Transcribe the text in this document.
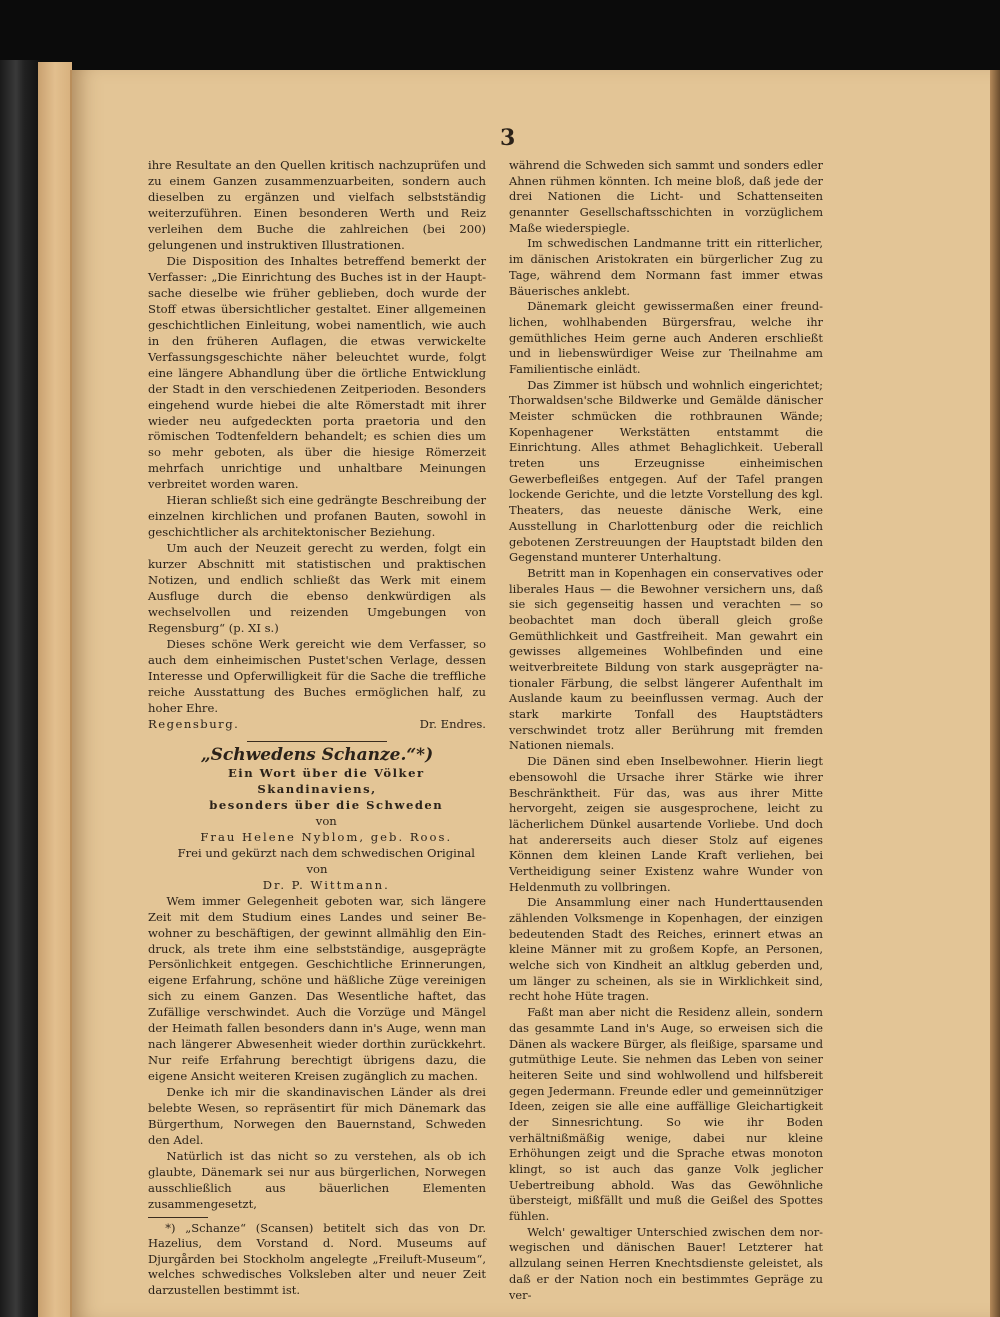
3

ihre Resultate an den Quellen kritisch nachzuprüfen und zu einem Ganzen zusammenzuarbeiten, sondern auch dieselben zu ergänzen und vielfach selbstständig weiterzuführen. Einen besonderen Werth und Reiz verleihen dem Buche die zahlreichen (bei 200) gelungenen und instruktiven Illustrationen.

Die Disposition des Inhaltes betreffend bemerkt der Verfasser: „Die Einrichtung des Buches ist in der Hauptsache dieselbe wie früher geblieben, doch wurde der Stoff etwas übersichtlicher gestaltet. Einer allgemeinen geschichtlichen Einleitung, wobei namentlich, wie auch in den früheren Auflagen, die etwas verwickelte Verfassungsgeschichte näher beleuchtet wurde, folgt eine längere Abhandlung über die örtliche Entwicklung der Stadt in den verschiedenen Zeitperioden. Besonders eingehend wurde hiebei die alte Römerstadt mit ihrer wieder neu aufgedeckten porta praetoria und den römischen Todtenfeldern behandelt; es schien dies um so mehr geboten, als über die hiesige Römerzeit mehrfach unrichtige und unhaltbare Meinungen verbreitet worden waren.

Hieran schließt sich eine gedrängte Beschreibung der einzelnen kirchlichen und profanen Bauten, sowohl in geschichtlicher als architektonischer Beziehung.

Um auch der Neuzeit gerecht zu werden, folgt ein kurzer Abschnitt mit statistischen und praktischen Notizen, und endlich schließt das Werk mit einem Ausfluge durch die ebenso denkwürdigen als wechselvollen und reizenden Umgebungen von Regensburg“ (p. XI s.)

Dieses schöne Werk gereicht wie dem Verfasser, so auch dem einheimischen Pustet'schen Verlage, dessen Interesse und Opferwilligkeit für die Sache die treffliche reiche Ausstattung des Buches ermöglichen half, zu hoher Ehre.

Regensburg.	Dr. Endres.
„Schwedens Schanze.“*)

Ein Wort über die Völker Skandinaviens,

besonders über die Schweden

von

Frau Helene Nyblom, geb. Roos.

Frei und gekürzt nach dem schwedischen Original von

Dr. P. Wittmann.

Wem immer Gelegenheit geboten war, sich längere Zeit mit dem Studium eines Landes und seiner Bewohner zu beschäftigen, der gewinnt allmählig den Eindruck, als trete ihm eine selbstständige, ausgeprägte Persönlichkeit entgegen. Geschichtliche Erinnerungen, eigene Erfahrung, schöne und häßliche Züge vereinigen sich zu einem Ganzen. Das Wesentliche haftet, das Zufällige verschwindet. Auch die Vorzüge und Mängel der Heimath fallen besonders dann in's Auge, wenn man nach längerer Abwesenheit wieder dorthin zurückkehrt. Nur reife Erfahrung berechtigt übrigens dazu, die eigene Ansicht weiteren Kreisen zugänglich zu machen.

Denke ich mir die skandinavischen Länder als drei belebte Wesen, so repräsentirt für mich Dänemark das Bürgerthum, Norwegen den Bauernstand, Schweden den Adel.

Natürlich ist das nicht so zu verstehen, als ob ich glaubte, Dänemark sei nur aus bürgerlichen, Norwegen ausschließlich aus bäuerlichen Elementen zusammengesetzt,

*) „Schanze“ (Scansen) betitelt sich das von Dr. Hazelius, dem Vorstand d. Nord. Museums auf Djurgården bei Stockholm angelegte „Freiluft-Museum“, welches schwedisches Volksleben alter und neuer Zeit darzustellen bestimmt ist.

während die Schweden sich sammt und sonders edler Ahnen rühmen könnten. Ich meine bloß, daß jede der drei Nationen die Licht- und Schattenseiten genannter Gesellschaftsschichten in vorzüglichem Maße wiederspiegle.

Im schwedischen Landmanne tritt ein ritterlicher, im dänischen Aristokraten ein bürgerlicher Zug zu Tage, während dem Normann fast immer etwas Bäuerisches anklebt.

Dänemark gleicht gewissermaßen einer freundlichen, wohlhabenden Bürgersfrau, welche ihr gemüthliches Heim gerne auch Anderen erschließt und in liebenswürdiger Weise zur Theilnahme am Familientische einlädt.

Das Zimmer ist hübsch und wohnlich eingerichtet; Thorwaldsen'sche Bildwerke und Gemälde dänischer Meister schmücken die rothbraunen Wände; Kopenhagener Werkstätten entstammt die Einrichtung. Alles athmet Behaglichkeit. Ueberall treten uns Erzeugnisse einheimischen Gewerbefleißes entgegen. Auf der Tafel prangen lockende Gerichte, und die letzte Vorstellung des kgl. Theaters, das neueste dänische Werk, eine Ausstellung in Charlottenburg oder die reichlich gebotenen Zerstreuungen der Hauptstadt bilden den Gegenstand munterer Unterhaltung.

Betritt man in Kopenhagen ein conservatives oder liberales Haus — die Bewohner versichern uns, daß sie sich gegenseitig hassen und verachten — so beobachtet man doch überall gleich große Gemüthlichkeit und Gastfreiheit. Man gewahrt ein gewisses allgemeines Wohlbefinden und eine weitverbreitete Bildung von stark ausgeprägter nationaler Färbung, die selbst längerer Aufenthalt im Auslande kaum zu beeinflussen vermag. Auch der stark markirte Tonfall des Hauptstädters verschwindet trotz aller Berührung mit fremden Nationen niemals.

Die Dänen sind eben Inselbewohner. Hierin liegt ebensowohl die Ursache ihrer Stärke wie ihrer Beschränktheit. Für das, was aus ihrer Mitte hervorgeht, zeigen sie ausgesprochene, leicht zu lächerlichem Dünkel ausartende Vorliebe. Und doch hat andererseits auch dieser Stolz auf eigenes Können dem kleinen Lande Kraft verliehen, bei Vertheidigung seiner Existenz wahre Wunder von Heldenmuth zu vollbringen.

Die Ansammlung einer nach Hunderttausenden zählenden Volksmenge in Kopenhagen, der einzigen bedeutenden Stadt des Reiches, erinnert etwas an kleine Männer mit zu großem Kopfe, an Personen, welche sich von Kindheit an altklug geberden und, um länger zu scheinen, als sie in Wirklichkeit sind, recht hohe Hüte tragen.

Faßt man aber nicht die Residenz allein, sondern das gesammte Land in's Auge, so erweisen sich die Dänen als wackere Bürger, als fleißige, sparsame und gutmüthige Leute. Sie nehmen das Leben von seiner heiteren Seite und sind wohlwollend und hilfsbereit gegen Jedermann. Freunde edler und gemeinnütziger Ideen, zeigen sie alle eine auffällige Gleichartigkeit der Sinnesrichtung. So wie ihr Boden verhältnißmäßig wenige, dabei nur kleine Erhöhungen zeigt und die Sprache etwas monoton klingt, so ist auch das ganze Volk jeglicher Uebertreibung abhold. Was das Gewöhnliche übersteigt, mißfällt und muß die Geißel des Spottes fühlen.

Welch' gewaltiger Unterschied zwischen dem norwegischen und dänischen Bauer! Letzterer hat allzulang seinen Herren Knechtsdienste geleistet, als daß er der Nation noch ein bestimmtes Gepräge zu ver-
